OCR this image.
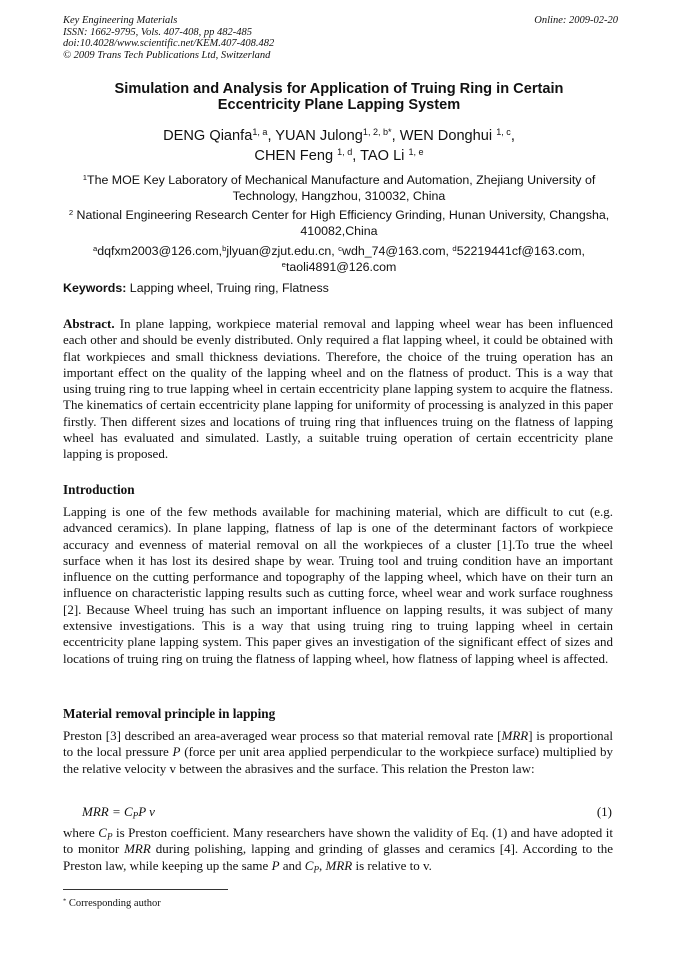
Key Engineering Materials
ISSN: 1662-9795, Vols. 407-408, pp 482-485
doi:10.4028/www.scientific.net/KEM.407-408.482
© 2009 Trans Tech Publications Ltd, Switzerland
Online: 2009-02-20
Simulation and Analysis for Application of Truing Ring in Certain
Eccentricity Plane Lapping System
DENG Qianfa$^{1, a}$, YUAN Julong$^{1, 2, b*}$, WEN Donghui $^{1, c}$,
CHEN Feng $^{1, d}$, TAO Li $^{1, e}$
$^1$The MOE Key Laboratory of Mechanical Manufacture and Automation, Zhejiang University of
Technology, Hangzhou, 310032, China
$^2$ National Engineering Research Center for High Efficiency Grinding, Hunan University, Changsha,
410082,China
$^a$dqfxm2003@126.com,$^b$jlyuan@zjut.edu.cn, $^c$wdh_74@163.com, $^d$52219441cf@163.com,
$^e$taoli4891@126.com
Keywords: Lapping wheel, Truing ring, Flatness
Abstract. In plane lapping, workpiece material removal and lapping wheel wear has been influenced each other and should be evenly distributed. Only required a flat lapping wheel, it could be obtained with flat workpieces and small thickness deviations. Therefore, the choice of the truing operation has an important effect on the quality of the lapping wheel and on the flatness of product. This is a way that using truing ring to true lapping wheel in certain eccentricity plane lapping system to acquire the flatness. The kinematics of certain eccentricity plane lapping for uniformity of processing is analyzed in this paper firstly. Then different sizes and locations of truing ring that influences truing on the flatness of lapping wheel has evaluated and simulated. Lastly, a suitable truing operation of certain eccentricity plane lapping is proposed.
Introduction
Lapping is one of the few methods available for machining material, which are difficult to cut (e.g. advanced ceramics). In plane lapping, flatness of lap is one of the determinant factors of workpiece accuracy and evenness of material removal on all the workpieces of a cluster [1].To true the wheel surface when it has lost its desired shape by wear. Truing tool and truing condition have an important influence on the cutting performance and topography of the lapping wheel, which have on their turn an influence on characteristic lapping results such as cutting force, wheel wear and work surface roughness [2]. Because Wheel truing has such an important influence on lapping results, it was subject of many extensive investigations. This is a way that using truing ring to truing lapping wheel in certain eccentricity plane lapping system. This paper gives an investigation of the significant effect of sizes and locations of truing ring on truing the flatness of lapping wheel, how flatness of lapping wheel is affected.
Material removal principle in lapping
Preston [3] described an area-averaged wear process so that material removal rate [MRR] is proportional to the local pressure P (force per unit area applied perpendicular to the workpiece surface) multiplied by the relative velocity v between the abrasives and the surface. This relation the Preston law:
MRR = $C_PP$ v	(1)
where $C_P$ is Preston coefficient. Many researchers have shown the validity of Eq. (1) and have adopted it to monitor MRR during polishing, lapping and grinding of glasses and ceramics [4]. According to the Preston law, while keeping up the same P and $C_P$, MRR is relative to v.
* Corresponding author
